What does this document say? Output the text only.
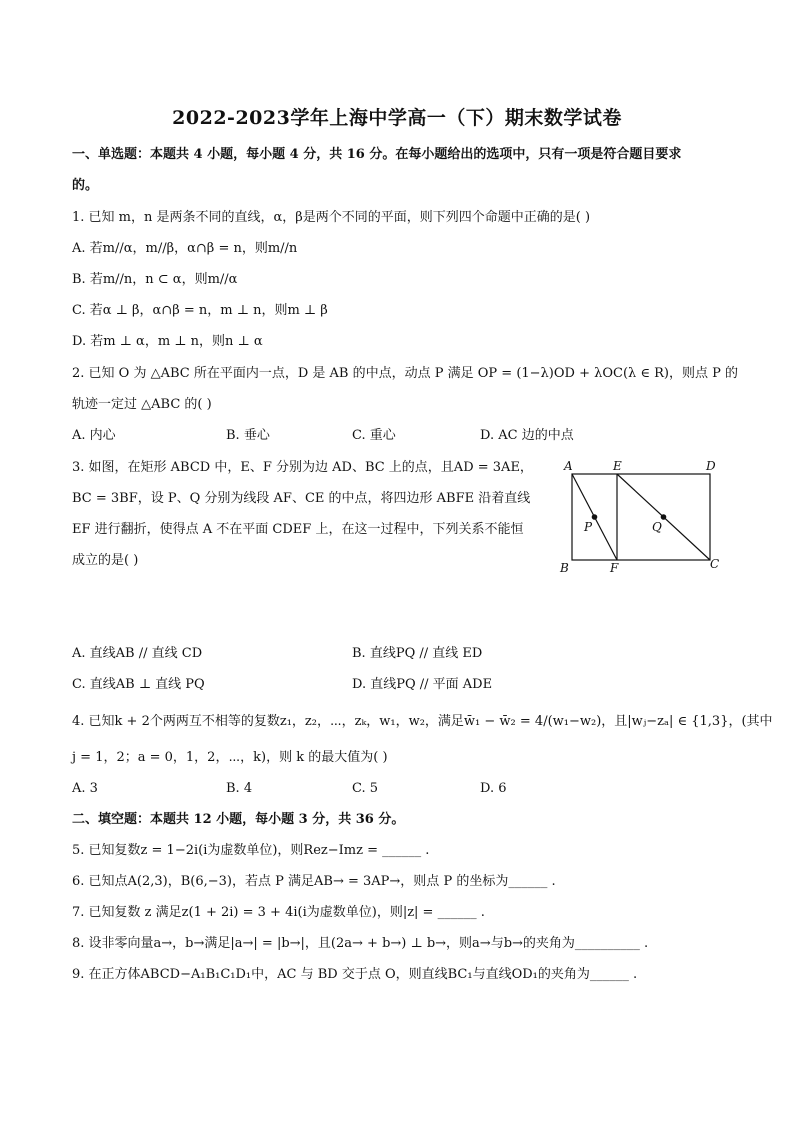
2022-2023学年上海中学高一（下）期末数学试卷
一、单选题：本题共 4 小题，每小题 4 分，共 16 分。在每小题给出的选项中，只有一项是符合题目要求
的。
1. 已知 m，n 是两条不同的直线，α，β是两个不同的平面，则下列四个命题中正确的是( )
A. 若m//α，m//β，α∩β = n，则m//n
B. 若m//n，n ⊂ α，则m//α
C. 若α ⊥ β，α∩β = n，m ⊥ n，则m ⊥ β
D. 若m ⊥ α，m ⊥ n，则n ⊥ α
2. 已知 O 为 △ABC 所在平面内一点，D 是 AB 的中点，动点 P 满足 OP = (1−λ)OD + λOC(λ ∈ R)，则点 P 的
轨迹一定过 △ABC 的( )
A. 内心	B. 垂心	C. 重心	D. AC 边的中点
3. 如图，在矩形 ABCD 中，E、F 分别为边 AD、BC 上的点，且AD = 3AE，
BC = 3BF，设 P、Q 分别为线段 AF、CE 的中点，将四边形 ABFE 沿着直线
EF 进行翻折，使得点 A 不在平面 CDEF 上，在这一过程中，下列关系不能恒
成立的是( )
A	E	D
B	F	C
P	Q
A. 直线AB // 直线 CD	B. 直线PQ // 直线 ED
C. 直线AB ⊥ 直线 PQ	D. 直线PQ // 平面 ADE
4. 已知k + 2个两两互不相等的复数z₁，z₂，⋯，zₖ，w₁，w₂，满足w̄₁ − w̄₂ = 4/(w₁−w₂)，且|wⱼ−zₐ| ∈ {1,3}，(其中
j = 1，2；a = 0，1，2，⋯，k)，则 k 的最大值为( )
A. 3	B. 4	C. 5	D. 6
二、填空题：本题共 12 小题，每小题 3 分，共 36 分。
5. 已知复数z = 1−2i(i为虚数单位)，则Rez−Imz = ______ .
6. 已知点A(2,3)，B(6,−3)，若点 P 满足AB→ = 3AP→，则点 P 的坐标为______ .
7. 已知复数 z 满足z(1 + 2i) = 3 + 4i(i为虚数单位)，则|z| = ______ .
8. 设非零向量a→，b→满足|a→| = |b→|，且(2a→ + b→) ⊥ b→，则a→与b→的夹角为__________ .
9. 在正方体ABCD−A₁B₁C₁D₁中，AC 与 BD 交于点 O，则直线BC₁与直线OD₁的夹角为______ .
